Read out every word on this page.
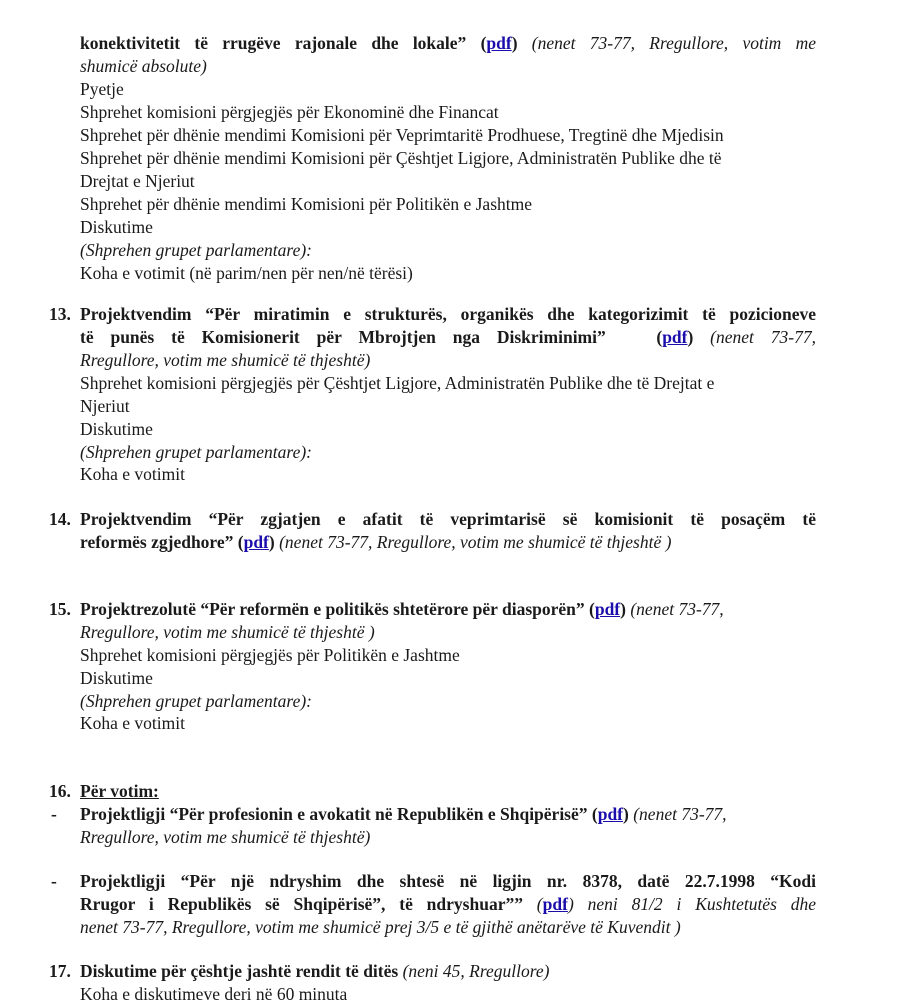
konektivitetit të rrugëve rajonale dhe lokale” (pdf) (nenet 73-77, Rregullore, votim me
shumicë absolute)
Pyetje
Shprehet komisioni përgjegjës për Ekonominë dhe Financat
Shprehet për dhënie mendimi Komisioni për Veprimtaritë Prodhuese, Tregtinë dhe Mjedisin
Shprehet për dhënie mendimi Komisioni për Çështjet Ligjore, Administratën Publike dhe të
Drejtat e Njeriut
Shprehet për dhënie mendimi Komisioni për Politikën e Jashtme
Diskutime
(Shprehen grupet parlamentare):
Koha e votimit (në parim/nen për nen/në tërësi)
13. Projektvendim “Për miratimin e strukturës, organikës dhe kategorizimit të pozicioneve
të punës të Komisionerit për Mbrojtjen nga Diskriminimi”   (pdf) (nenet 73-77,
Rregullore, votim me shumicë të thjeshtë)
Shprehet komisioni përgjegjës për Çështjet Ligjore, Administratën Publike dhe të Drejtat e
Njeriut
Diskutime
(Shprehen grupet parlamentare):
Koha e votimit
14. Projektvendim “Për zgjatjen e afatit të veprimtarisë së komisionit të posaçëm të
reformës zgjedhore” (pdf) (nenet 73-77, Rregullore, votim me shumicë të thjeshtë )
15. Projektrezolutë “Për reformën e politikës shtetërore për diasporën” (pdf) (nenet 73-77,
Rregullore, votim me shumicë të thjeshtë )
Shprehet komisioni përgjegjës për Politikën e Jashtme
Diskutime
(Shprehen grupet parlamentare):
Koha e votimit
16. Për votim:
- Projektligji “Për profesionin e avokatit në Republikën e Shqipërisë” (pdf) (nenet 73-77,
Rregullore, votim me shumicë të thjeshtë)
- Projektligji “Për një ndryshim dhe shtesë në ligjin nr. 8378, datë 22.7.1998 “Kodi
Rrugor i Republikës së Shqipërisë”, të ndryshuar”” (pdf) neni 81/2 i Kushtetutës dhe
nenet 73-77, Rregullore, votim me shumicë prej 3/5 e të gjithë anëtarëve të Kuvendit )
17. Diskutime për çështje jashtë rendit të ditës (neni 45, Rregullore)
Koha e diskutimeve deri në 60 minuta
